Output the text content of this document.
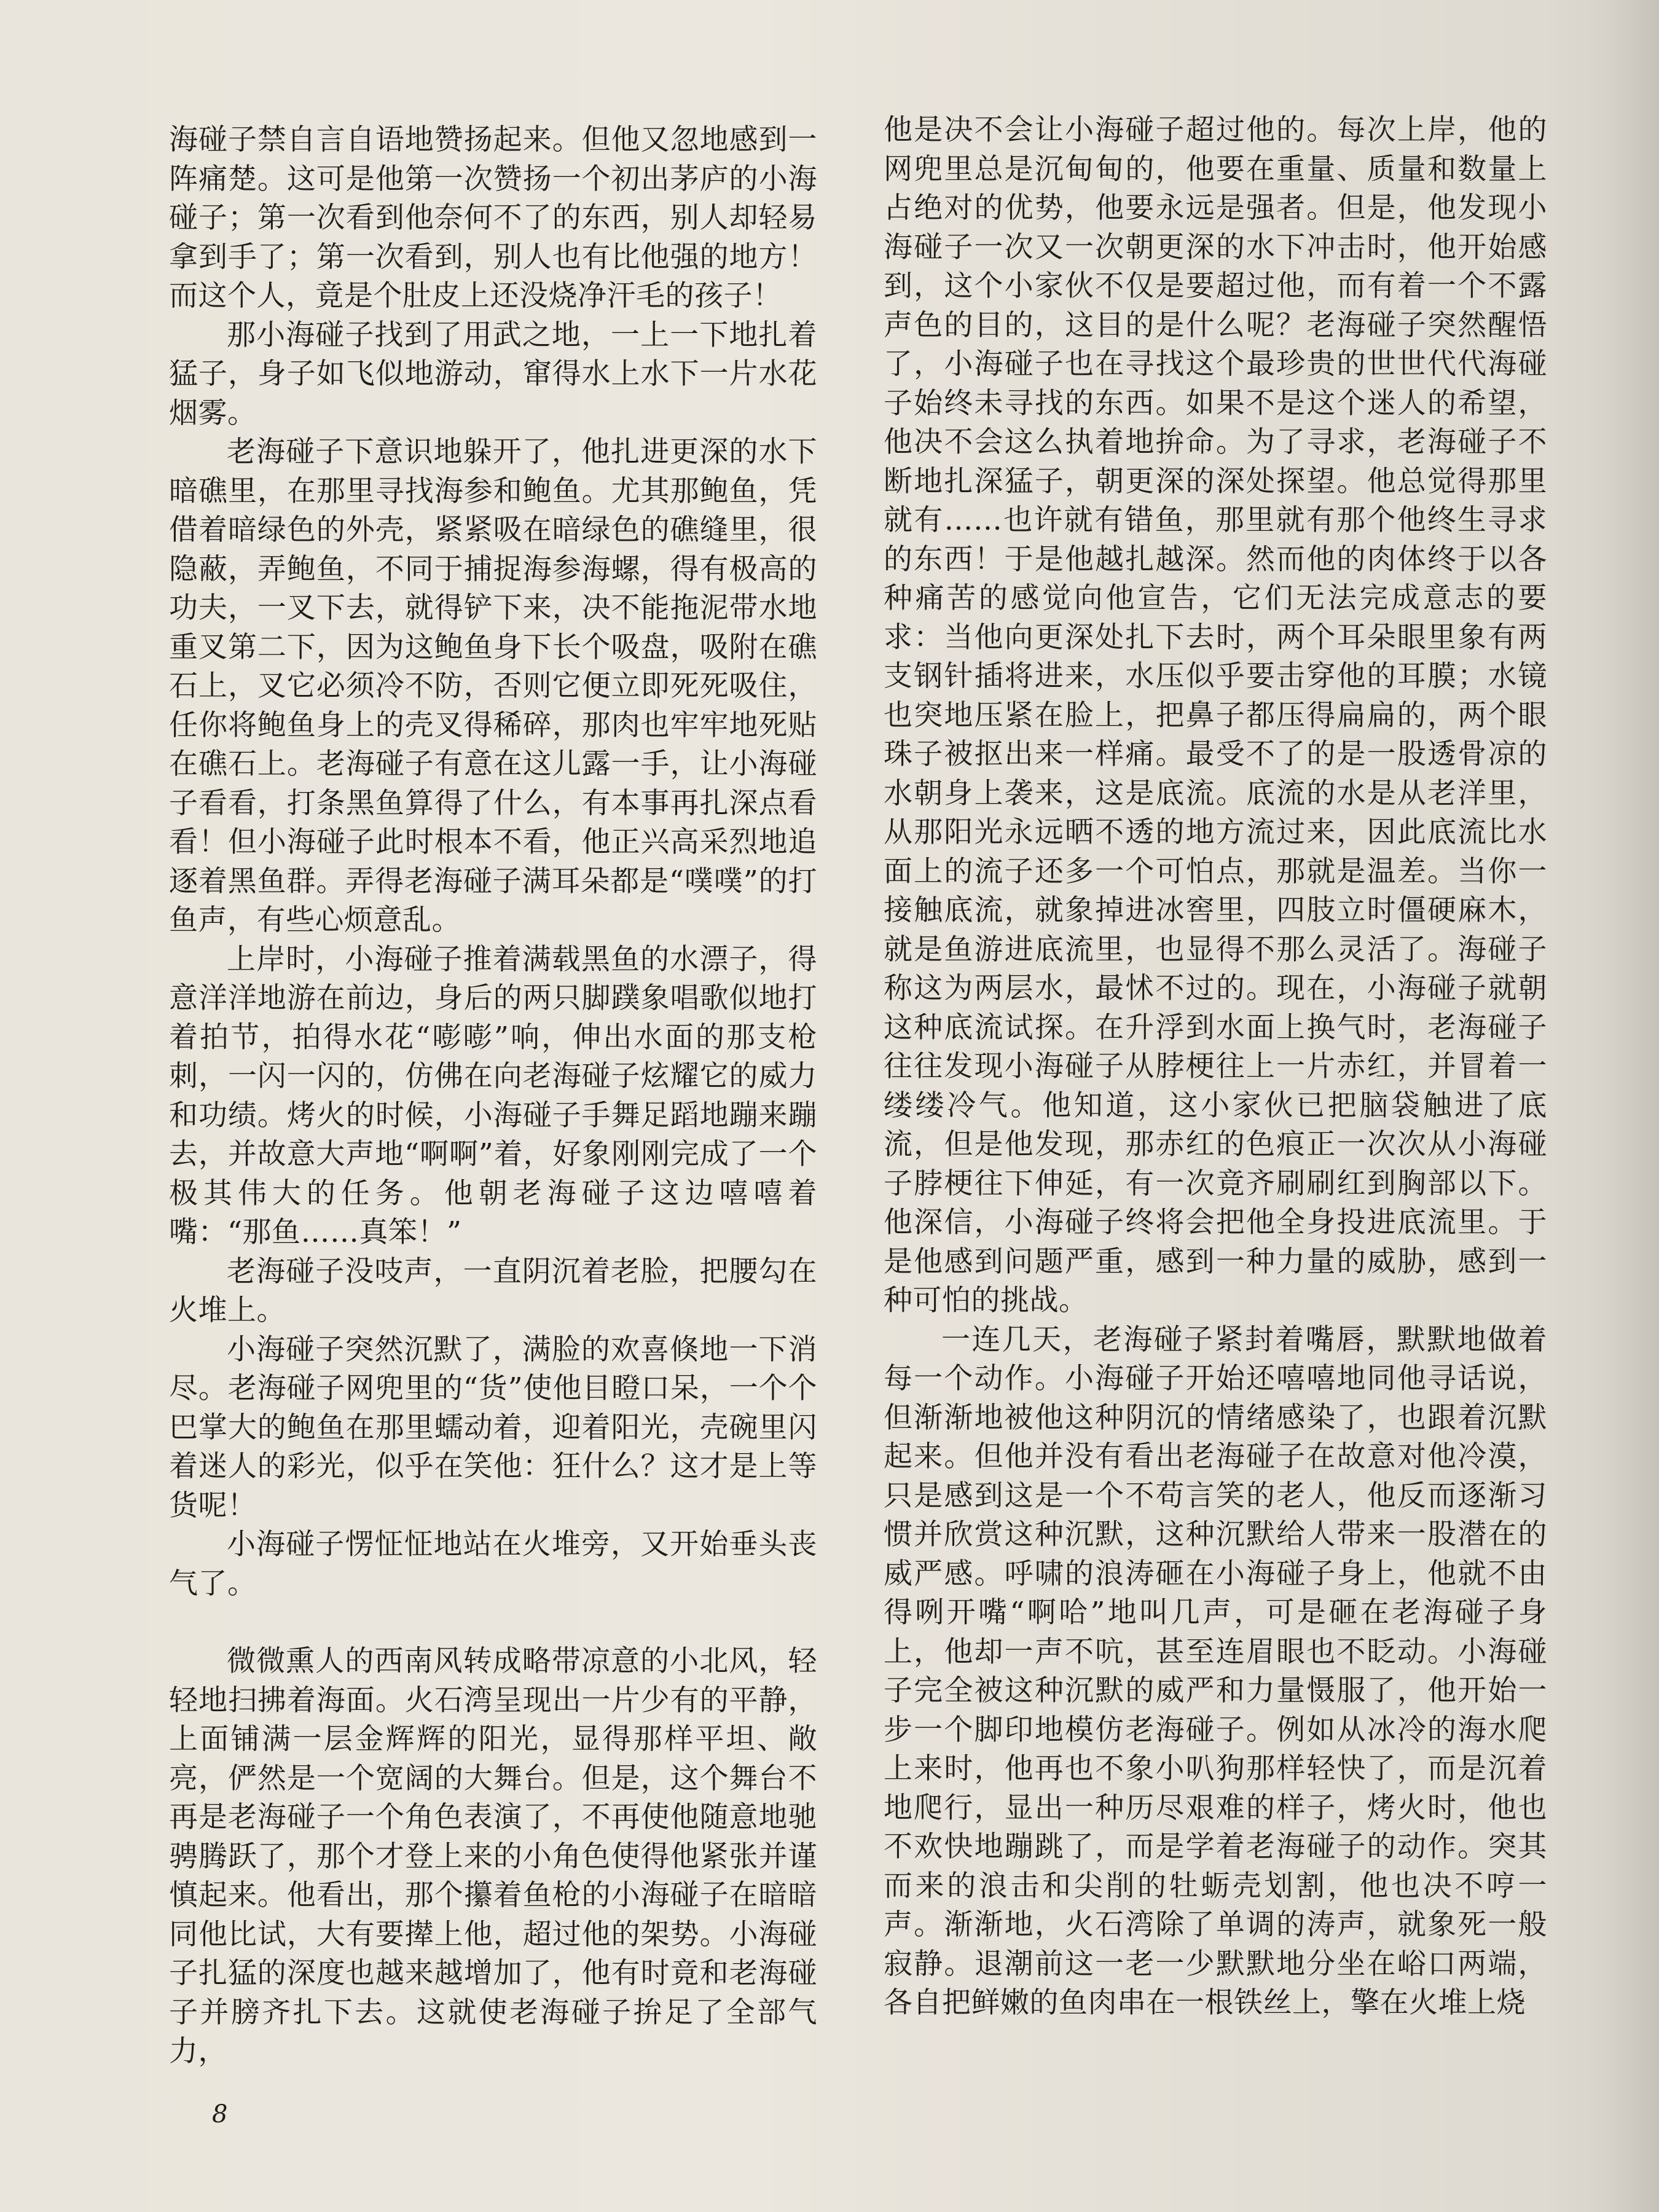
海碰子禁自言自语地赞扬起来。但他又忽地感到一阵痛楚。这可是他第一次赞扬一个初出茅庐的小海碰子；第一次看到他奈何不了的东西，别人却轻易拿到手了；第一次看到，别人也有比他强的地方！而这个人，竟是个肚皮上还没烧净汗毛的孩子！

那小海碰子找到了用武之地，一上一下地扎着猛子，身子如飞似地游动，窜得水上水下一片水花烟雾。

老海碰子下意识地躲开了，他扎进更深的水下暗礁里，在那里寻找海参和鲍鱼。尤其那鲍鱼，凭借着暗绿色的外壳，紧紧吸在暗绿色的礁缝里，很隐蔽，弄鲍鱼，不同于捕捉海参海螺，得有极高的功夫，一叉下去，就得铲下来，决不能拖泥带水地重叉第二下，因为这鲍鱼身下长个吸盘，吸附在礁石上，叉它必须冷不防，否则它便立即死死吸住，任你将鲍鱼身上的壳叉得稀碎，那肉也牢牢地死贴在礁石上。老海碰子有意在这儿露一手，让小海碰子看看，打条黑鱼算得了什么，有本事再扎深点看看！但小海碰子此时根本不看，他正兴高采烈地追逐着黑鱼群。弄得老海碰子满耳朵都是“噗噗”的打鱼声，有些心烦意乱。

上岸时，小海碰子推着满载黑鱼的水漂子，得意洋洋地游在前边，身后的两只脚蹼象唱歌似地打着拍节，拍得水花“嘭嘭”响，伸出水面的那支枪刺，一闪一闪的，仿佛在向老海碰子炫耀它的威力和功绩。烤火的时候，小海碰子手舞足蹈地蹦来蹦去，并故意大声地“啊啊”着，好象刚刚完成了一个极其伟大的任务。他朝老海碰子这边嘻嘻着嘴：“那鱼……真笨！”

老海碰子没吱声，一直阴沉着老脸，把腰勾在火堆上。

小海碰子突然沉默了，满脸的欢喜倏地一下消尽。老海碰子网兜里的“货”使他目瞪口呆，一个个巴掌大的鲍鱼在那里蠕动着，迎着阳光，壳碗里闪着迷人的彩光，似乎在笑他：狂什么？这才是上等货呢！

小海碰子愣怔怔地站在火堆旁，又开始垂头丧气了。

微微熏人的西南风转成略带凉意的小北风，轻轻地扫拂着海面。火石湾呈现出一片少有的平静，上面铺满一层金辉辉的阳光，显得那样平坦、敞亮，俨然是一个宽阔的大舞台。但是，这个舞台不再是老海碰子一个角色表演了，不再使他随意地驰骋腾跃了，那个才登上来的小角色使得他紧张并谨慎起来。他看出，那个攥着鱼枪的小海碰子在暗暗同他比试，大有要撵上他，超过他的架势。小海碰子扎猛的深度也越来越增加了，他有时竟和老海碰子并膀齐扎下去。这就使老海碰子拚足了全部气力，

他是决不会让小海碰子超过他的。每次上岸，他的网兜里总是沉甸甸的，他要在重量、质量和数量上占绝对的优势，他要永远是强者。但是，他发现小海碰子一次又一次朝更深的水下冲击时，他开始感到，这个小家伙不仅是要超过他，而有着一个不露声色的目的，这目的是什么呢？老海碰子突然醒悟了，小海碰子也在寻找这个最珍贵的世世代代海碰子始终未寻找的东西。如果不是这个迷人的希望，他决不会这么执着地拚命。为了寻求，老海碰子不断地扎深猛子，朝更深的深处探望。他总觉得那里就有……也许就有错鱼，那里就有那个他终生寻求的东西！于是他越扎越深。然而他的肉体终于以各种痛苦的感觉向他宣告，它们无法完成意志的要求：当他向更深处扎下去时，两个耳朵眼里象有两支钢针插将进来，水压似乎要击穿他的耳膜；水镜也突地压紧在脸上，把鼻子都压得扁扁的，两个眼珠子被抠出来一样痛。最受不了的是一股透骨凉的水朝身上袭来，这是底流。底流的水是从老洋里，从那阳光永远晒不透的地方流过来，因此底流比水面上的流子还多一个可怕点，那就是温差。当你一接触底流，就象掉进冰窖里，四肢立时僵硬麻木，就是鱼游进底流里，也显得不那么灵活了。海碰子称这为两层水，最怵不过的。现在，小海碰子就朝这种底流试探。在升浮到水面上换气时，老海碰子往往发现小海碰子从脖梗往上一片赤红，并冒着一缕缕冷气。他知道，这小家伙已把脑袋触进了底流，但是他发现，那赤红的色痕正一次次从小海碰子脖梗往下伸延，有一次竟齐刷刷红到胸部以下。他深信，小海碰子终将会把他全身投进底流里。于是他感到问题严重，感到一种力量的威胁，感到一种可怕的挑战。

一连几天，老海碰子紧封着嘴唇，默默地做着每一个动作。小海碰子开始还嘻嘻地同他寻话说，但渐渐地被他这种阴沉的情绪感染了，也跟着沉默起来。但他并没有看出老海碰子在故意对他冷漠，只是感到这是一个不苟言笑的老人，他反而逐渐习惯并欣赏这种沉默，这种沉默给人带来一股潜在的威严感。呼啸的浪涛砸在小海碰子身上，他就不由得咧开嘴“啊哈”地叫几声，可是砸在老海碰子身上，他却一声不吭，甚至连眉眼也不眨动。小海碰子完全被这种沉默的威严和力量慑服了，他开始一步一个脚印地模仿老海碰子。例如从冰冷的海水爬上来时，他再也不象小叭狗那样轻快了，而是沉着地爬行，显出一种历尽艰难的样子，烤火时，他也不欢快地蹦跳了，而是学着老海碰子的动作。突其而来的浪击和尖削的牡蛎壳划割，他也决不哼一声。渐渐地，火石湾除了单调的涛声，就象死一般寂静。退潮前这一老一少默默地分坐在峪口两端，各自把鲜嫩的鱼肉串在一根铁丝上，擎在火堆上烧

8
